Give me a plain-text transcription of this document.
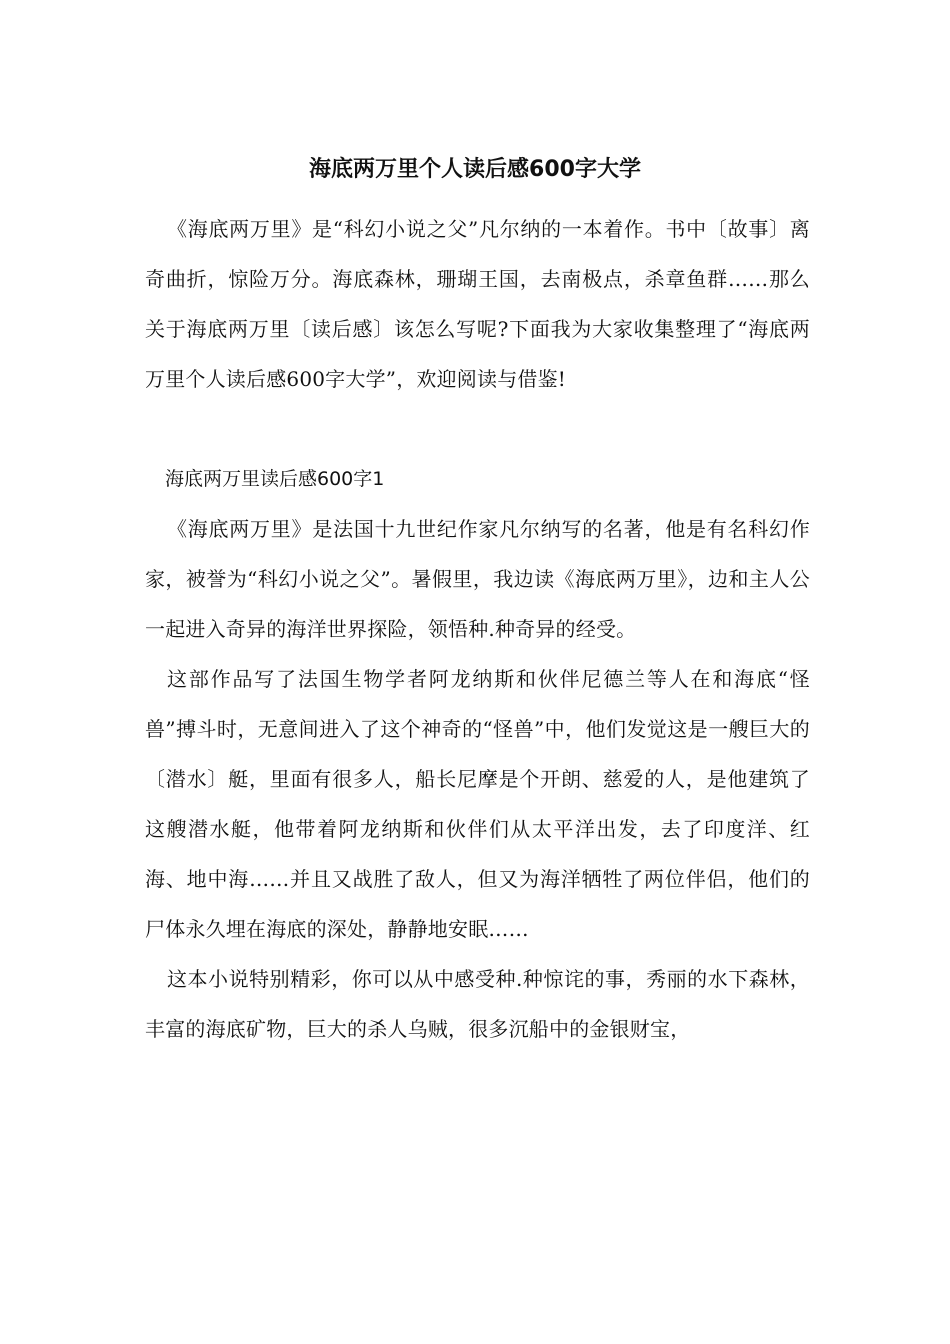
海底两万里个人读后感600字大学

《海底两万里》是“科幻小说之父”凡尔纳的一本着作。书中〔故事〕离奇曲折，惊险万分。海底森林，珊瑚王国，去南极点，杀章鱼群……那么关于海底两万里〔读后感〕该怎么写呢?下面我为大家收集整理了“海底两万里个人读后感600字大学”，欢迎阅读与借鉴!

海底两万里读后感600字1

《海底两万里》是法国十九世纪作家凡尔纳写的名著，他是有名科幻作家，被誉为“科幻小说之父”。暑假里，我边读《海底两万里》，边和主人公一起进入奇异的海洋世界探险，领悟种.种奇异的经受。

这部作品写了法国生物学者阿龙纳斯和伙伴尼德兰等人在和海底“怪兽”搏斗时，无意间进入了这个神奇的“怪兽”中，他们发觉这是一艘巨大的〔潜水〕艇，里面有很多人，船长尼摩是个开朗、慈爱的人，是他建筑了这艘潜水艇，他带着阿龙纳斯和伙伴们从太平洋出发，去了印度洋、红海、地中海……并且又战胜了敌人，但又为海洋牺牲了两位伴侣，他们的尸体永久埋在海底的深处，静静地安眠……

这本小说特别精彩，你可以从中感受种.种惊诧的事，秀丽的水下森林，丰富的海底矿物，巨大的杀人乌贼，很多沉船中的金银财宝，
